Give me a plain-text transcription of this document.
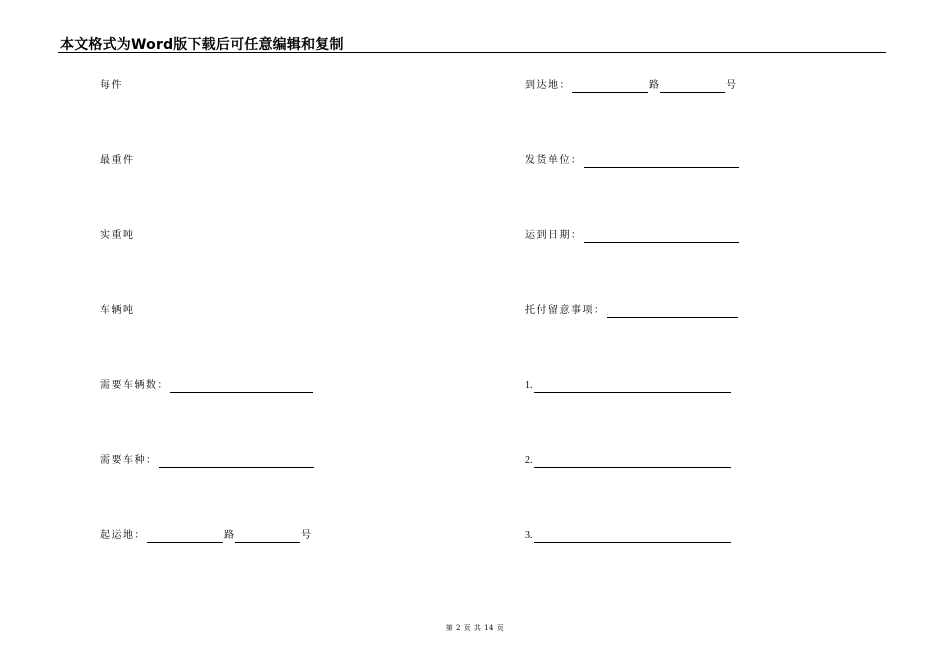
本文格式为Word版下载后可任意编辑和复制
每件
最重件
实重吨
车辆吨
需要车辆数：
需要车种：
起运地：	路	号
到达地：	路	号
发货单位：
运到日期：
托付留意事项：
1.
2.
3.
第 2 页 共 14 页
